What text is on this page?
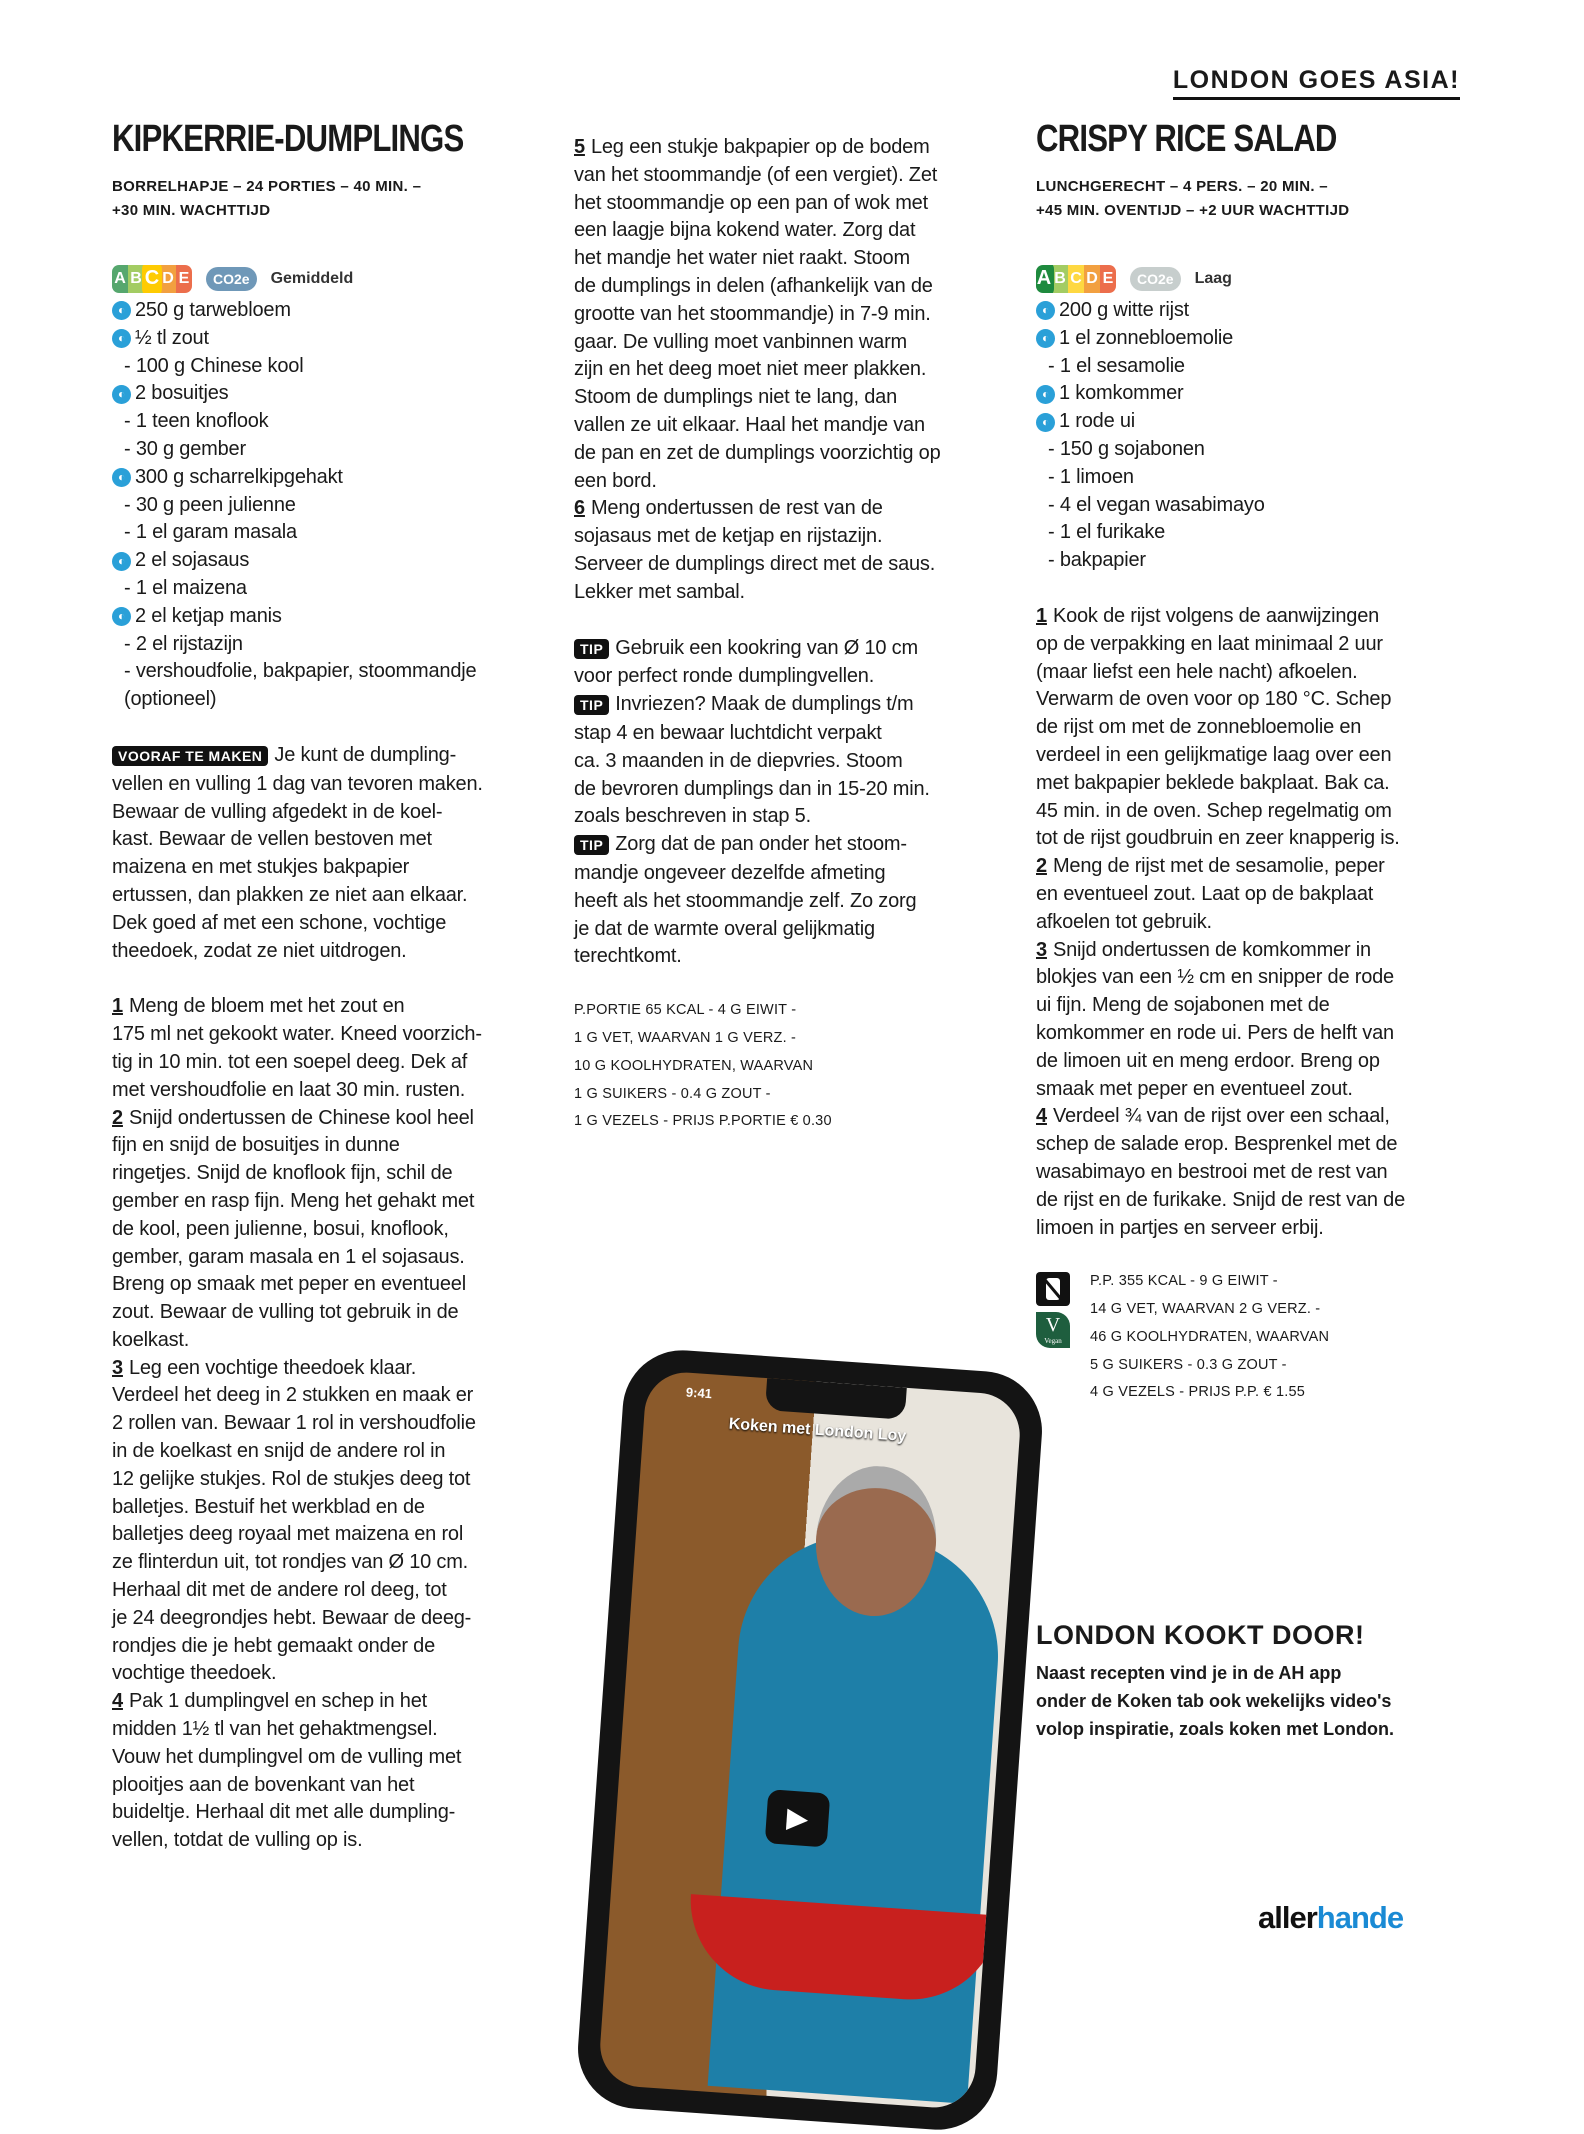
LONDON GOES ASIA!
KIPKERRIE-DUMPLINGS
BORRELHAPJE – 24 PORTIES – 40 MIN. –
+30 MIN. WACHTTIJD
A B C D E	CO2e	Gemiddeld
◐ 250 g tarwebloem
◐ ½ tl zout
- 100 g Chinese kool
◐ 2 bosuitjes
- 1 teen knoflook
- 30 g gember
◐ 300 g scharrelkipgehakt
- 30 g peen julienne
- 1 el garam masala
◐ 2 el sojasaus
- 1 el maizena
◐ 2 el ketjap manis
- 2 el rijstazijn
- vershoudfolie, bakpapier, stoommandje
(optioneel)
VOORAF TE MAKEN Je kunt de dumpling-
vellen en vulling 1 dag van tevoren maken.
Bewaar de vulling afgedekt in de koel-
kast. Bewaar de vellen bestoven met
maizena en met stukjes bakpapier
ertussen, dan plakken ze niet aan elkaar.
Dek goed af met een schone, vochtige
theedoek, zodat ze niet uitdrogen.
1 Meng de bloem met het zout en
175 ml net gekookt water. Kneed voorzich-
tig in 10 min. tot een soepel deeg. Dek af
met vershoudfolie en laat 30 min. rusten.
2 Snijd ondertussen de Chinese kool heel
fijn en snijd de bosuitjes in dunne
ringetjes. Snijd de knoflook fijn, schil de
gember en rasp fijn. Meng het gehakt met
de kool, peen julienne, bosui, knoflook,
gember, garam masala en 1 el sojasaus.
Breng op smaak met peper en eventueel
zout. Bewaar de vulling tot gebruik in de
koelkast.
3 Leg een vochtige theedoek klaar.
Verdeel het deeg in 2 stukken en maak er
2 rollen van. Bewaar 1 rol in vershoudfolie
in de koelkast en snijd de andere rol in
12 gelijke stukjes. Rol de stukjes deeg tot
balletjes. Bestuif het werkblad en de
balletjes deeg royaal met maizena en rol
ze flinterdun uit, tot rondjes van Ø 10 cm.
Herhaal dit met de andere rol deeg, tot
je 24 deegrondjes hebt. Bewaar de deeg-
rondjes die je hebt gemaakt onder de
vochtige theedoek.
4 Pak 1 dumplingvel en schep in het
midden 1½ tl van het gehaktmengsel.
Vouw het dumplingvel om de vulling met
plooitjes aan de bovenkant van het
buideltje. Herhaal dit met alle dumpling-
vellen, totdat de vulling op is.
5 Leg een stukje bakpapier op de bodem
van het stoommandje (of een vergiet). Zet
het stoommandje op een pan of wok met
een laagje bijna kokend water. Zorg dat
het mandje het water niet raakt. Stoom
de dumplings in delen (afhankelijk van de
grootte van het stoommandje) in 7-9 min.
gaar. De vulling moet vanbinnen warm
zijn en het deeg moet niet meer plakken.
Stoom de dumplings niet te lang, dan
vallen ze uit elkaar. Haal het mandje van
de pan en zet de dumplings voorzichtig op
een bord.
6 Meng ondertussen de rest van de
sojasaus met de ketjap en rijstazijn.
Serveer de dumplings direct met de saus.
Lekker met sambal.
TIP Gebruik een kookring van Ø 10 cm
voor perfect ronde dumplingvellen.
TIP Invriezen? Maak de dumplings t/m
stap 4 en bewaar luchtdicht verpakt
ca. 3 maanden in de diepvries. Stoom
de bevroren dumplings dan in 15-20 min.
zoals beschreven in stap 5.
TIP Zorg dat de pan onder het stoom-
mandje ongeveer dezelfde afmeting
heeft als het stoommandje zelf. Zo zorg
je dat de warmte overal gelijkmatig
terechtkomt.
P.PORTIE 65 KCAL - 4 G EIWIT -
1 G VET, WAARVAN 1 G VERZ. -
10 G KOOLHYDRATEN, WAARVAN
1 G SUIKERS - 0.4 G ZOUT -
1 G VEZELS - PRIJS P.PORTIE € 0.30
CRISPY RICE SALAD
LUNCHGERECHT – 4 PERS. – 20 MIN. –
+45 MIN. OVENTIJD – +2 UUR WACHTTIJD
A B C D E	CO2e	Laag
◐ 200 g witte rijst
◐ 1 el zonnebloemolie
- 1 el sesamolie
◐ 1 komkommer
◐ 1 rode ui
- 150 g sojabonen
- 1 limoen
- 4 el vegan wasabimayo
- 1 el furikake
- bakpapier
1 Kook de rijst volgens de aanwijzingen
op de verpakking en laat minimaal 2 uur
(maar liefst een hele nacht) afkoelen.
Verwarm de oven voor op 180 °C. Schep
de rijst om met de zonnebloemolie en
verdeel in een gelijkmatige laag over een
met bakpapier beklede bakplaat. Bak ca.
45 min. in de oven. Schep regelmatig om
tot de rijst goudbruin en zeer knapperig is.
2 Meng de rijst met de sesamolie, peper
en eventueel zout. Laat op de bakplaat
afkoelen tot gebruik.
3 Snijd ondertussen de komkommer in
blokjes van een ½ cm en snipper de rode
ui fijn. Meng de sojabonen met de
komkommer en rode ui. Pers de helft van
de limoen uit en meng erdoor. Breng op
smaak met peper en eventueel zout.
4 Verdeel ¾ van de rijst over een schaal,
schep de salade erop. Besprenkel met de
wasabimayo en bestrooi met de rest van
de rijst en de furikake. Snijd de rest van de
limoen in partjes en serveer erbij.
V
Vegan
P.P. 355 KCAL - 9 G EIWIT -
14 G VET, WAARVAN 2 G VERZ. -
46 G KOOLHYDRATEN, WAARVAN
5 G SUIKERS - 0.3 G ZOUT -
4 G VEZELS - PRIJS P.P. € 1.55
LONDON KOOKT DOOR!
Naast recepten vind je in de AH app
onder de Koken tab ook wekelijks video's
volop inspiratie, zoals koken met London.
9:41
Koken met London Loy
▶
allerhande
